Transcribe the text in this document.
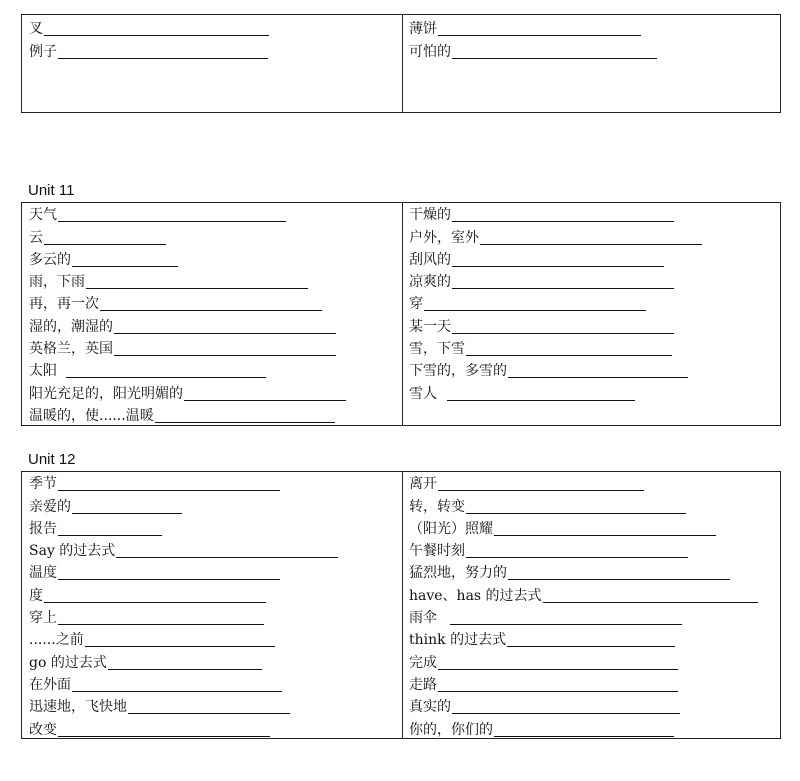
叉
例子
薄饼
可怕的
Unit 11
天气
云
多云的
雨，下雨
再，再一次
湿的，潮湿的
英格兰，英国
太阳
阳光充足的，阳光明媚的
温暖的，使......温暖
干燥的
户外，室外
刮风的
凉爽的
穿
某一天
雪，下雪
下雪的，多雪的
雪人
Unit 12
季节
亲爱的
报告
Say 的过去式
温度
度
穿上
......之前
go 的过去式
在外面
迅速地，飞快地
改变
离开
转，转变
（阳光）照耀
午餐时刻
猛烈地，努力的
have、has 的过去式
雨伞
think 的过去式
完成
走路
真实的
你的，你们的
